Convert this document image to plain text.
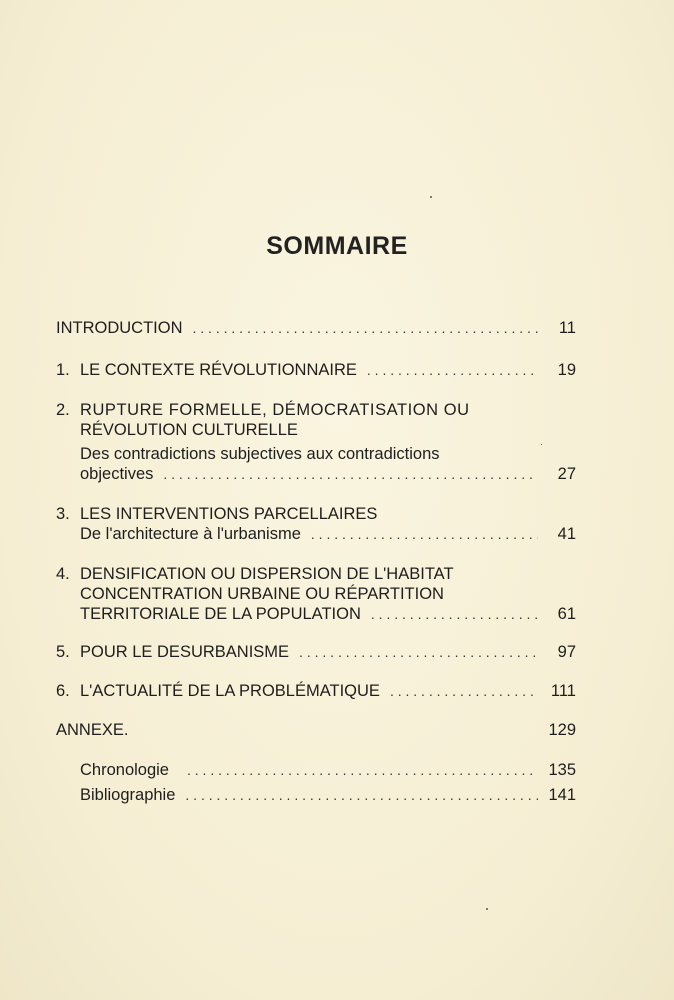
SOMMAIRE
INTRODUCTION . . .	11
1. LE CONTEXTE RÉVOLUTIONNAIRE . . .	19
2. RUPTURE FORMELLE, DÉMOCRATISATION OU
RÉVOLUTION CULTURELLE
Des contradictions subjectives aux contradictions
objectives . . .	27
3. LES INTERVENTIONS PARCELLAIRES
De l'architecture à l'urbanisme . . .	41
4. DENSIFICATION OU DISPERSION DE L'HABITAT
CONCENTRATION URBAINE OU RÉPARTITION
TERRITORIALE DE LA POPULATION . . .	61
5. POUR LE DESURBANISME . . .	97
6. L'ACTUALITÉ DE LA PROBLÉMATIQUE . . .	111
ANNEXE.	129
Chronologie . . .	135
Bibliographie . . .	141
